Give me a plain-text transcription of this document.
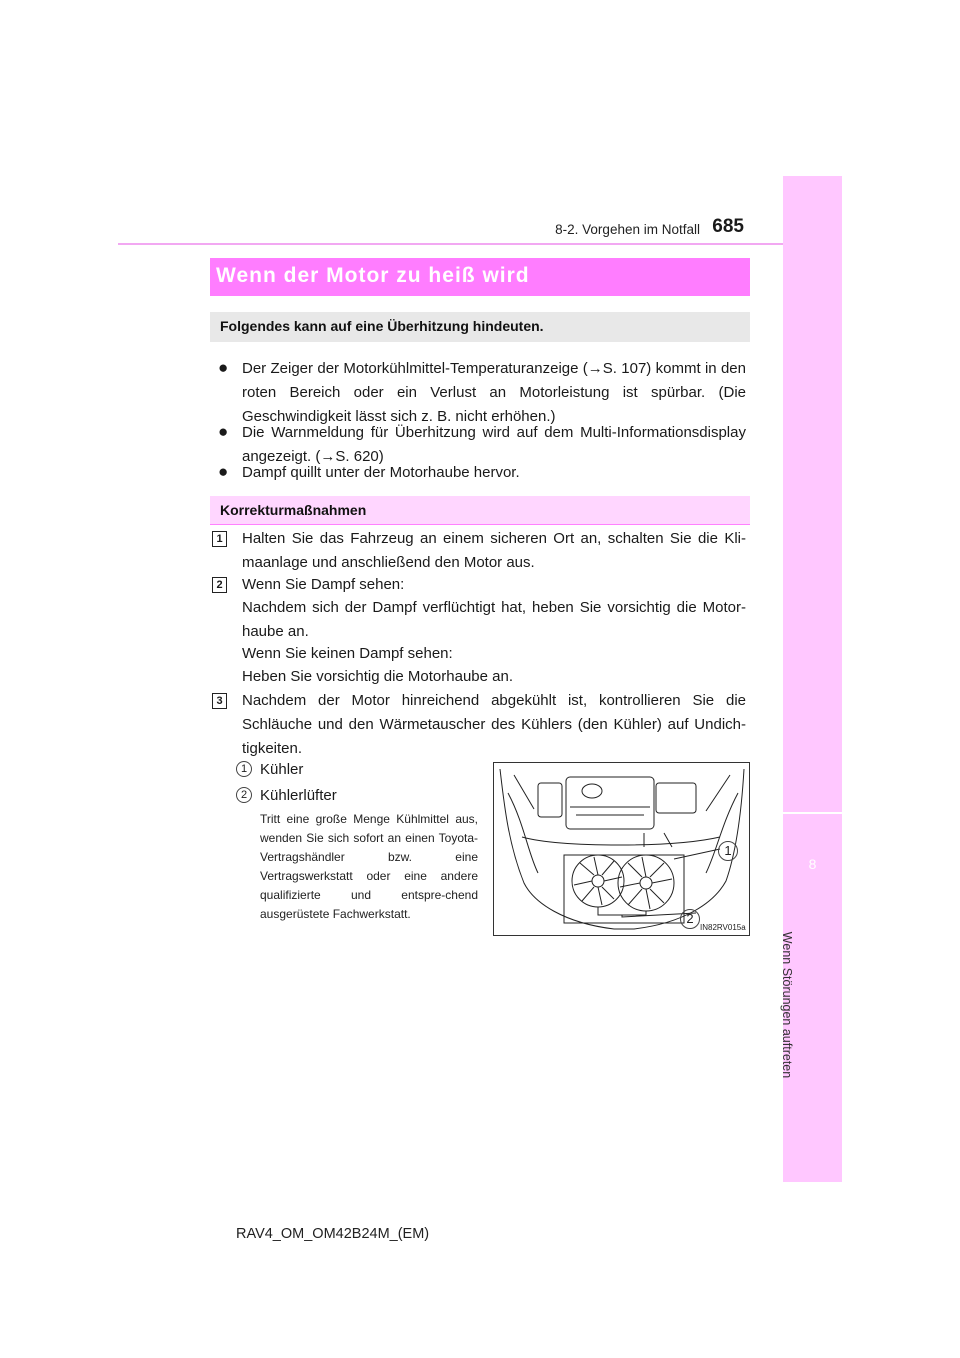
8-2. Vorgehen im Notfall 685
8
Wenn Störungen auftreten
Wenn der Motor zu heiß wird
Folgendes kann auf eine Überhitzung hindeuten.
● Der Zeiger der Motorkühlmittel-Temperaturanzeige (→S. 107) kommt in den roten Bereich oder ein Verlust an Motorleistung ist spürbar. (Die Geschwindigkeit lässt sich z. B. nicht erhöhen.)
● Die Warnmeldung für Überhitzung wird auf dem Multi-Informationsdisplay angezeigt. (→S. 620)
● Dampf quillt unter der Motorhaube hervor.
Korrekturmaßnahmen
1 Halten Sie das Fahrzeug an einem sicheren Ort an, schalten Sie die Kli-maanlage und anschließend den Motor aus.
2 Wenn Sie Dampf sehen:
Nachdem sich der Dampf verflüchtigt hat, heben Sie vorsichtig die Motor-haube an.
Wenn Sie keinen Dampf sehen:
Heben Sie vorsichtig die Motorhaube an.
3 Nachdem der Motor hinreichend abgekühlt ist, kontrollieren Sie die Schläuche und den Wärmetauscher des Kühlers (den Kühler) auf Undich-tigkeiten.
1 Kühler
2 Kühlerlüfter
Tritt eine große Menge Kühlmittel aus, wenden Sie sich sofort an einen Toyota-Vertragshändler bzw. eine Vertragswerkstatt oder eine andere qualifizierte und entspre-chend ausgerüstete Fachwerkstatt.
1
2
IN82RV015a
RAV4_OM_OM42B24M_(EM)
